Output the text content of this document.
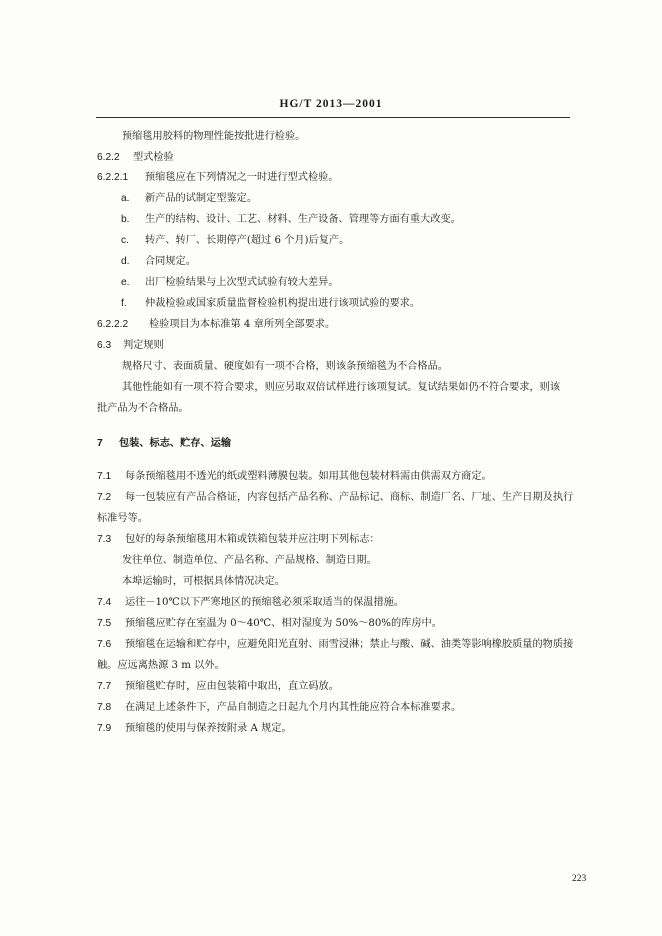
HG/T 2013—2001
预缩毯用胶料的物理性能按批进行检验。
6.2.2 型式检验
6.2.2.1 预缩毯应在下列情况之一时进行型式检验。
a. 新产品的试制定型鉴定。
b. 生产的结构、设计、工艺、材料、生产设备、管理等方面有重大改变。
c. 转产、转厂、长期停产(超过 6 个月)后复产。
d. 合同规定。
e. 出厂检验结果与上次型式试验有较大差异。
f. 仲裁检验或国家质量监督检验机构提出进行该项试验的要求。
6.2.2.2 检验项目为本标准第 4 章所列全部要求。
6.3 判定规则
规格尺寸、表面质量、硬度如有一项不合格，则该条预缩毯为不合格品。
其他性能如有一项不符合要求，则应另取双倍试样进行该项复试。复试结果如仍不符合要求，则该
批产品为不合格品。
7 包装、标志、贮存、运输
7.1 每条预缩毯用不透光的纸或塑料薄膜包装。如用其他包装材料需由供需双方商定。
7.2 每一包装应有产品合格证，内容包括产品名称、产品标记、商标、制造厂名、厂址、生产日期及执行
标准号等。
7.3 包好的每条预缩毯用木箱或铁箱包装并应注明下列标志：
发往单位、制造单位、产品名称、产品规格、制造日期。
本埠运输时，可根据具体情况决定。
7.4 运往－10℃以下严寒地区的预缩毯必须采取适当的保温措施。
7.5 预缩毯应贮存在室温为 0～40℃、相对湿度为 50%～80%的库房中。
7.6 预缩毯在运输和贮存中，应避免阳光直射、雨雪浸淋；禁止与酸、碱、油类等影响橡胶质量的物质接
触。应远离热源 3 m 以外。
7.7 预缩毯贮存时，应由包装箱中取出，直立码放。
7.8 在满足上述条件下，产品自制造之日起九个月内其性能应符合本标准要求。
7.9 预缩毯的使用与保养按附录 A 规定。
223
